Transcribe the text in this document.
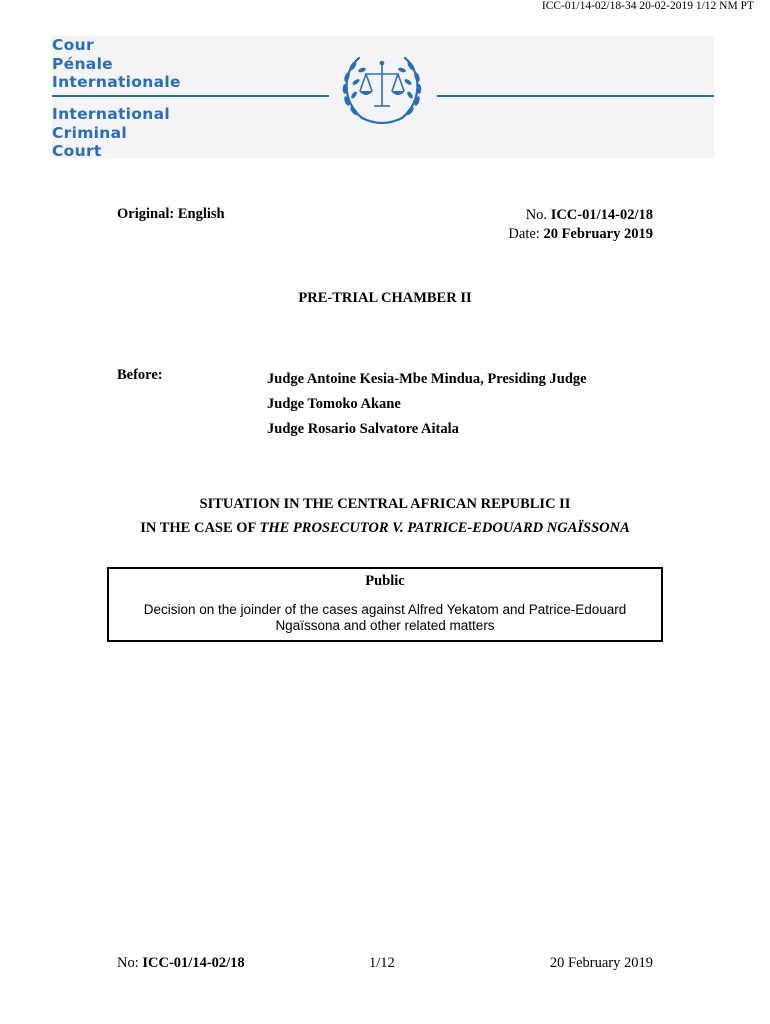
ICC-01/14-02/18-34 20-02-2019 1/12 NM PT
Cour
Pénale
Internationale
International
Criminal
Court
Original: English	No. ICC-01/14-02/18
Date: 20 February 2019
PRE-TRIAL CHAMBER II
Before:	Judge Antoine Kesia-Mbe Mindua, Presiding Judge
Judge Tomoko Akane
Judge Rosario Salvatore Aitala
SITUATION IN THE CENTRAL AFRICAN REPUBLIC II
IN THE CASE OF THE PROSECUTOR V. PATRICE-EDOUARD NGAÏSSONA
Public
Decision on the joinder of the cases against Alfred Yekatom and Patrice-Edouard
Ngaïssona and other related matters
No: ICC-01/14-02/18	1/12	20 February 2019
